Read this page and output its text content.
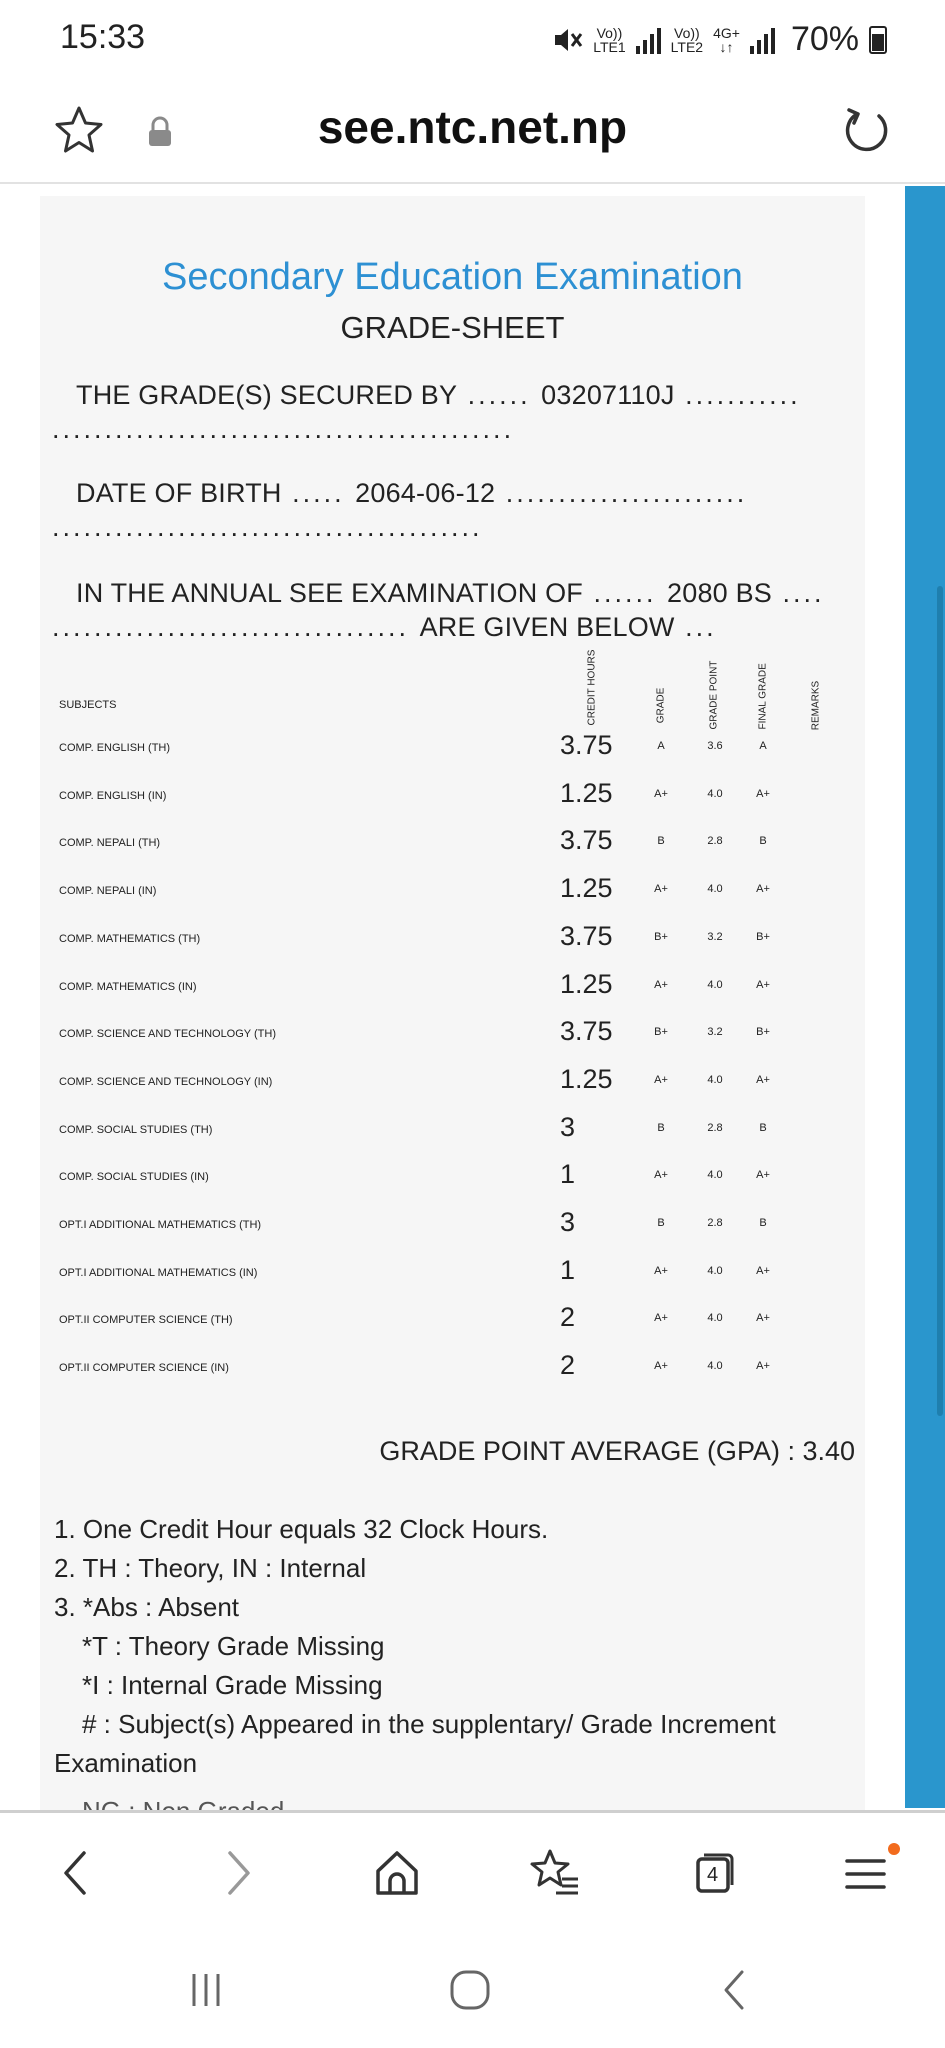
15:33	Vo))
LTE1
Vo))
LTE2
4G+
↓↑ 70%
see.ntc.net.np
Secondary Education Examination
GRADE-SHEET
THE GRADE(S) SECURED BY ...... 03207110J ...........
............................................
DATE OF BIRTH ..... 2064-06-12 .......................
.........................................
IN THE ANNUAL SEE EXAMINATION OF ...... 2080 BS ....
.................................. ARE GIVEN BELOW ...
SUBJECTS	CREDIT HOURS	GRADE	GRADE POINT	FINAL GRADE	REMARKS
COMP. ENGLISH (TH)	3.75	A	3.6	A
COMP. ENGLISH (IN)	1.25	A+	4.0	A+
COMP. NEPALI (TH)	3.75	B	2.8	B
COMP. NEPALI (IN)	1.25	A+	4.0	A+
COMP. MATHEMATICS (TH)	3.75	B+	3.2	B+
COMP. MATHEMATICS (IN)	1.25	A+	4.0	A+
COMP. SCIENCE AND TECHNOLOGY (TH)	3.75	B+	3.2	B+
COMP. SCIENCE AND TECHNOLOGY (IN)	1.25	A+	4.0	A+
COMP. SOCIAL STUDIES (TH)	3	B	2.8	B
COMP. SOCIAL STUDIES (IN)	1	A+	4.0	A+
OPT.I ADDITIONAL MATHEMATICS (TH)	3	B	2.8	B
OPT.I ADDITIONAL MATHEMATICS (IN)	1	A+	4.0	A+
OPT.II COMPUTER SCIENCE (TH)	2	A+	4.0	A+
OPT.II COMPUTER SCIENCE (IN)	2	A+	4.0	A+
GRADE POINT AVERAGE (GPA) : 3.40
1. One Credit Hour equals 32 Clock Hours.
2. TH : Theory, IN : Internal
3. *Abs : Absent
*T : Theory Grade Missing
*I : Internal Grade Missing
# : Subject(s) Appeared in the supplentary/ Grade Increment
Examination
4
